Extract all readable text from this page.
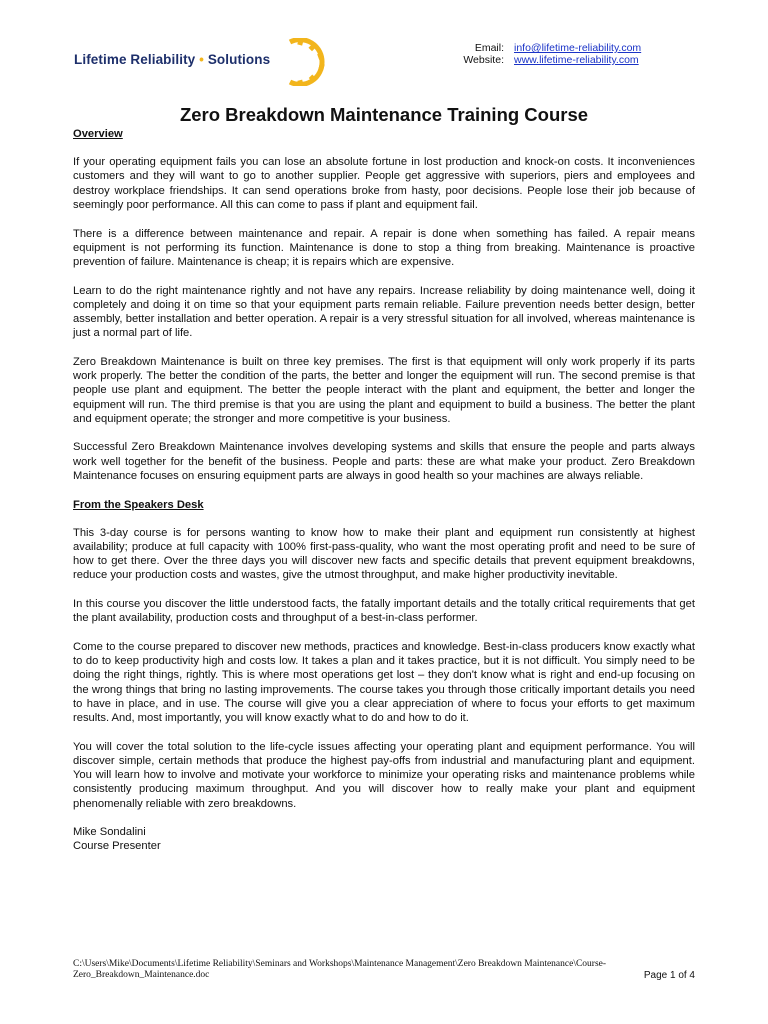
Lifetime Reliability • Solutions
Email: info@lifetime-reliability.com
Website: www.lifetime-reliability.com
Zero Breakdown Maintenance Training Course
Overview

If your operating equipment fails you can lose an absolute fortune in lost production and knock-on costs. It inconveniences customers and they will want to go to another supplier. People get aggressive with superiors, piers and employees and destroy workplace friendships. It can send operations broke from hasty, poor decisions. People lose their job because of seemingly poor performance. All this can come to pass if plant and equipment fail.

There is a difference between maintenance and repair. A repair is done when something has failed. A repair means equipment is not performing its function. Maintenance is done to stop a thing from breaking. Maintenance is proactive prevention of failure. Maintenance is cheap; it is repairs which are expensive.

Learn to do the right maintenance rightly and not have any repairs. Increase reliability by doing maintenance well, doing it completely and doing it on time so that your equipment parts remain reliable. Failure prevention needs better design, better assembly, better installation and better operation. A repair is a very stressful situation for all involved, whereas maintenance is just a normal part of life.

Zero Breakdown Maintenance is built on three key premises. The first is that equipment will only work properly if its parts work properly. The better the condition of the parts, the better and longer the equipment will run. The second premise is that people use plant and equipment. The better the people interact with the plant and equipment, the better and longer the equipment will run. The third premise is that you are using the plant and equipment to build a business. The better the plant and equipment operate; the stronger and more competitive is your business.

Successful Zero Breakdown Maintenance involves developing systems and skills that ensure the people and parts always work well together for the benefit of the business. People and parts: these are what make your product. Zero Breakdown Maintenance focuses on ensuring equipment parts are always in good health so your machines are always reliable.

From the Speakers Desk

This 3-day course is for persons wanting to know how to make their plant and equipment run consistently at highest availability; produce at full capacity with 100% first-pass-quality, who want the most operating profit and need to be sure of how to get there. Over the three days you will discover new facts and specific details that prevent equipment breakdowns, reduce your production costs and wastes, give the utmost throughput, and make higher productivity inevitable.

In this course you discover the little understood facts, the fatally important details and the totally critical requirements that get the plant availability, production costs and throughput of a best-in-class performer.

Come to the course prepared to discover new methods, practices and knowledge. Best-in-class producers know exactly what to do to keep productivity high and costs low. It takes a plan and it takes practice, but it is not difficult. You simply need to be doing the right things, rightly. This is where most operations get lost – they don't know what is right and end-up focusing on the wrong things that bring no lasting improvements. The course takes you through those critically important details you need to have in place, and in use. The course will give you a clear appreciation of where to focus your efforts to get maximum results. And, most importantly, you will know exactly what to do and how to do it.

You will cover the total solution to the life-cycle issues affecting your operating plant and equipment performance. You will discover simple, certain methods that produce the highest pay-offs from industrial and manufacturing plant and equipment. You will learn how to involve and motivate your workforce to minimize your operating risks and maintenance problems while consistently producing maximum throughput. And you will discover how to really make your plant and equipment phenomenally reliable with zero breakdowns.

Mike Sondalini

Course Presenter

C:\Users\Mike\Documents\Lifetime Reliability\Seminars and Workshops\Maintenance Management\Zero Breakdown Maintenance\Course-Zero_Breakdown_Maintenance.doc	Page 1 of 4
